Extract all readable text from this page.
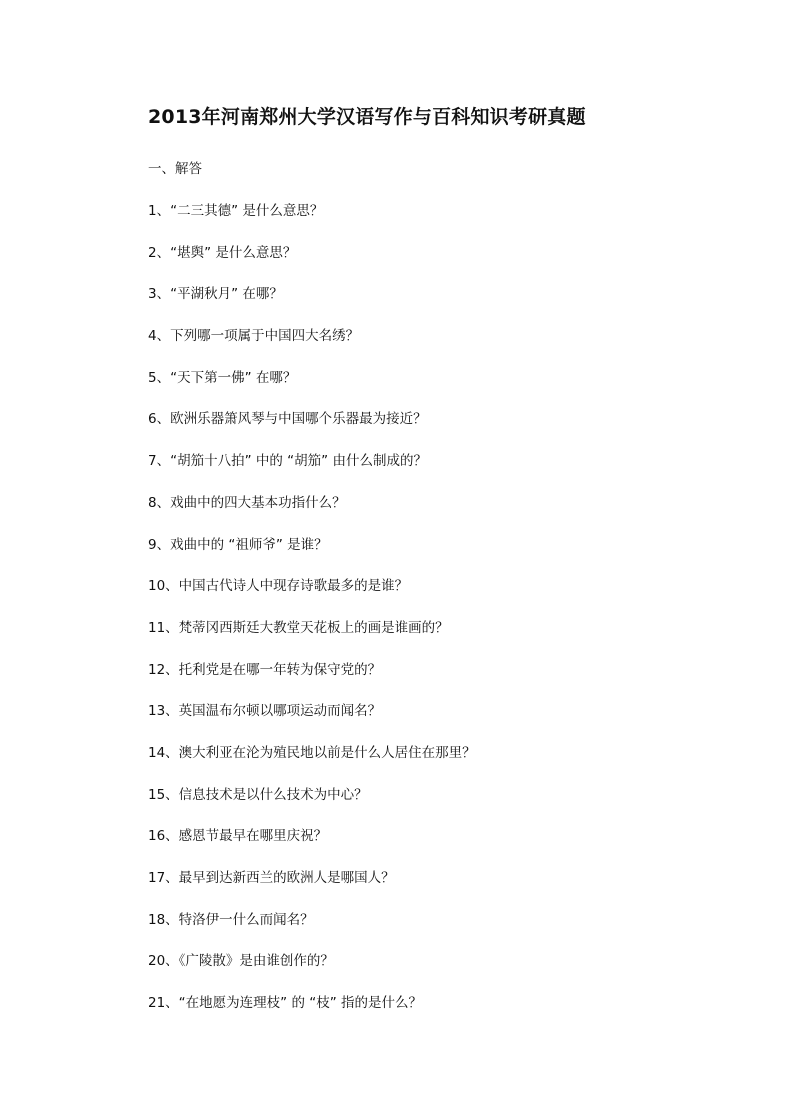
2013年河南郑州大学汉语写作与百科知识考研真题
一、解答
1、“二三其德” 是什么意思？
2、“堪舆” 是什么意思？
3、“平湖秋月” 在哪？
4、下列哪一项属于中国四大名绣？
5、“天下第一佛” 在哪？
6、欧洲乐器箫风琴与中国哪个乐器最为接近？
7、“胡笳十八拍” 中的 “胡笳” 由什么制成的？
8、戏曲中的四大基本功指什么？
9、戏曲中的 “祖师爷” 是谁？
10、中国古代诗人中现存诗歌最多的是谁？
11、梵蒂冈西斯廷大教堂天花板上的画是谁画的？
12、托利党是在哪一年转为保守党的？
13、英国温布尔顿以哪项运动而闻名？
14、澳大利亚在沦为殖民地以前是什么人居住在那里？
15、信息技术是以什么技术为中心？
16、感恩节最早在哪里庆祝？
17、最早到达新西兰的欧洲人是哪国人？
18、特洛伊一什么而闻名？
20、《广陵散》是由谁创作的？
21、“在地愿为连理枝” 的 “枝” 指的是什么？
